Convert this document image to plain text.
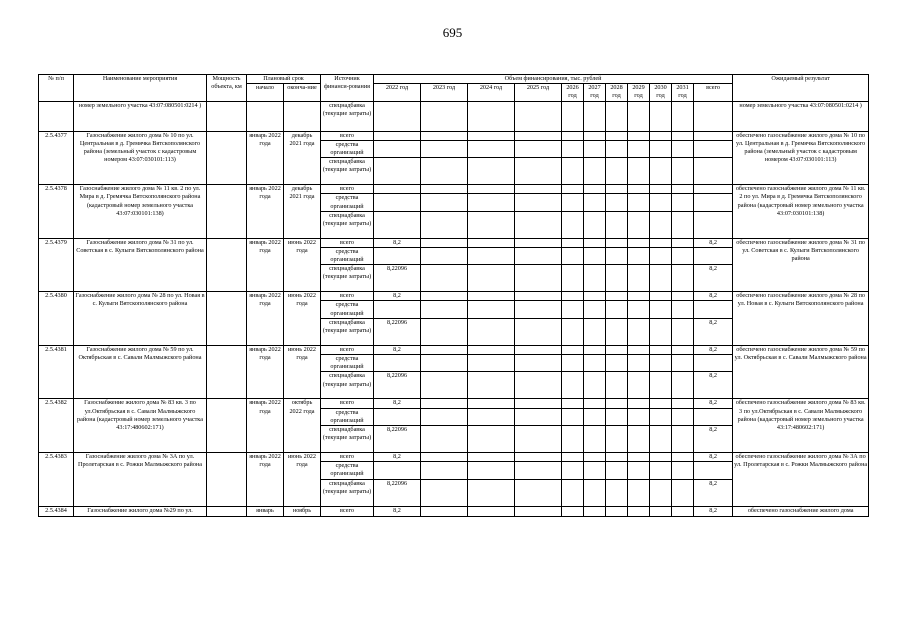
695
№ п/п	Наименование мероприятия	Мощность объекта, км	Плановый срок		Источник финанси-рования	Объем финансирования, тыс. рублей											Ожидаемый результат
			начало	оконча-ние		2022 год	2023 год	2024 год	2025 год	2026 год	2027 год	2028 год	2029 год	2030 год	2031 год	всего	
	номер земельного участка 43:07:080501:0214 )				спецнадбавка (текущие затраты)												номер земельного участка 43:07:080501:0214 )
2.5.4377	Газоснабжение жилого дома № 10 по ул. Центральная в д. Гремячка Вятскополянского района (земельный участок с кадастровым номером 43:07:030101:113)		январь 2022 года	декабрь 2021 года	всего												обеспечено газоснабжение жилого дома № 10 по ул. Центральная в д. Гремячка Вятскополянского района (земельный участок с кадастровым номером 43:07:030101:113)
					средства организаций												
					спецнадбавка (текущие затраты)												
2.5.4378	Газоснабжение жилого дома № 11 кв. 2 по ул. Мира в д. Гремячка Вятскополянского района (кадастровый номер земельного участка 43:07:030101:138)		январь 2022 года	декабрь 2021 года	всего												обеспечено газоснабжение жилого дома № 11 кв. 2 по ул. Мира в д. Гремячка Вятскополянского района (кадастровый номер земельного участка 43:07:030101:138)
					средства организаций												
					спецнадбавка (текущие затраты)												
2.5.4379	Газоснабжение жилого дома № 31 по ул. Советская в с. Кулыги Вятскополянского района		январь 2022 года	июнь 2022 года	всего	8,2										8,2	обеспечено газоснабжение жилого дома № 31 по ул. Советская в с. Кулыги Вятскополянского района
					средства организаций												
					спецнадбавка (текущие затраты)	8,22096										8,2	
2.5.4380	Газоснабжение жилого дома № 28 по ул. Новая в с. Кулыги Вятскополянского района		январь 2022 года	июнь 2022 года	всего	8,2										8,2	обеспечено газоснабжение жилого дома № 28 по ул. Новая в с. Кулыги Вятскополянского района
					средства организаций												
					спецнадбавка (текущие затраты)	8,22096										8,2	
2.5.4381	Газоснабжение жилого дома № 59 по ул. Октябрьская в с. Савали Малмыжского района		январь 2022 года	июнь 2022 года	всего	8,2										8,2	обеспечено газоснабжение жилого дома № 59 по ул. Октябрьская в с. Савали Малмыжского района
					средства организаций												
					спецнадбавка (текущие затраты)	8,22096										8,2	
2.5.4382	Газоснабжение жилого дома № 83 кв. 3 по ул.Октябрьская в с. Савали Малмыжского района (кадастровый номер земельного участка 43:17:480602:171)		январь 2022 года	октябрь 2022 года	всего	8,2										8,2	обеспечено газоснабжение жилого дома № 83 кв. 3 по ул.Октябрьская в с. Савали Малмыжского района (кадастровый номер земельного участка 43:17:480602:171)
					средства организаций												
					спецнадбавка (текущие затраты)	8,22096										8,2	
2.5.4383	Газоснабжение жилого дома № 3А по ул. Пролетарская в с. Рожки Малмыжского района		январь 2022 года	июнь 2022 года	всего	8,2										8,2	обеспечено газоснабжение жилого дома № 3А по ул. Пролетарская в с. Рожки Малмыжского района
					средства организаций												
					спецнадбавка (текущие затраты)	8,22096										8,2	
2.5.4384	Газоснабжение жилого дома №29 по ул.		январь	ноябрь	всего	8,2										8,2	обеспечено газоснабжение жилого дома
